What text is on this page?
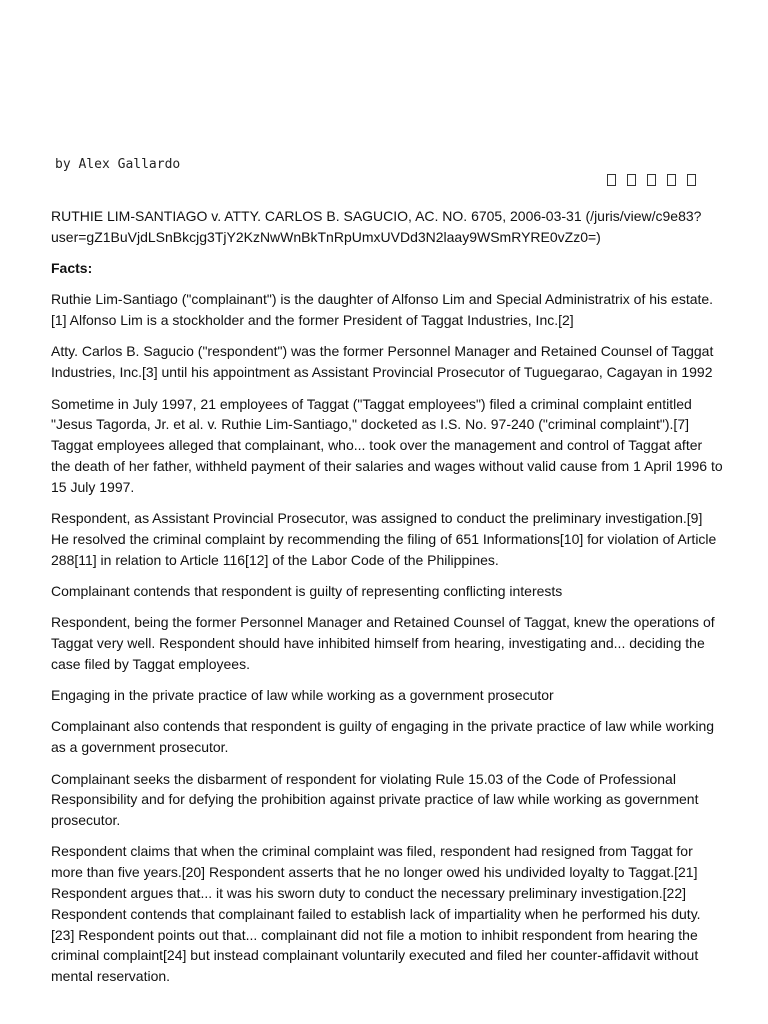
by Alex Gallardo

RUTHIE LIM-SANTIAGO v. ATTY. CARLOS B. SAGUCIO, AC. NO. 6705, 2006-03-31 (/juris/view/c9e83?user=gZ1BuVjdLSnBkcjg3TjY2KzNwWnBkTnRpUmxUVDd3N2laay9WSmRYRE0vZz0=)

Facts:

Ruthie Lim-Santiago ("complainant") is the daughter of Alfonso Lim and Special Administratrix of his estate.[1] Alfonso Lim is a stockholder and the former President of Taggat Industries, Inc.[2]

Atty. Carlos B. Sagucio ("respondent") was the former Personnel Manager and Retained Counsel of Taggat Industries, Inc.[3] until his appointment as Assistant Provincial Prosecutor of Tuguegarao, Cagayan in 1992

Sometime in July 1997, 21 employees of Taggat ("Taggat employees") filed a criminal complaint entitled "Jesus Tagorda, Jr. et al. v. Ruthie Lim-Santiago," docketed as I.S. No. 97-240 ("criminal complaint").[7] Taggat employees alleged that complainant, who... took over the management and control of Taggat after the death of her father, withheld payment of their salaries and wages without valid cause from 1 April 1996 to 15 July 1997.

Respondent, as Assistant Provincial Prosecutor, was assigned to conduct the preliminary investigation.[9] He resolved the criminal complaint by recommending the filing of 651 Informations[10] for violation of Article 288[11] in relation to Article 116[12] of the Labor Code of the Philippines.

Complainant contends that respondent is guilty of representing conflicting interests

Respondent, being the former Personnel Manager and Retained Counsel of Taggat, knew the operations of Taggat very well. Respondent should have inhibited himself from hearing, investigating and... deciding the case filed by Taggat employees.

Engaging in the private practice of law while working as a government prosecutor

Complainant also contends that respondent is guilty of engaging in the private practice of law while working as a government prosecutor.

Complainant seeks the disbarment of respondent for violating Rule 15.03 of the Code of Professional Responsibility and for defying the prohibition against private practice of law while working as government prosecutor.

Respondent claims that when the criminal complaint was filed, respondent had resigned from Taggat for more than five years.[20] Respondent asserts that he no longer owed his undivided loyalty to Taggat.[21] Respondent argues that... it was his sworn duty to conduct the necessary preliminary investigation.[22] Respondent contends that complainant failed to establish lack of impartiality when he performed his duty.[23] Respondent points out that... complainant did not file a motion to inhibit respondent from hearing the criminal complaint[24] but instead complainant voluntarily executed and filed her counter-affidavit without mental reservation.
